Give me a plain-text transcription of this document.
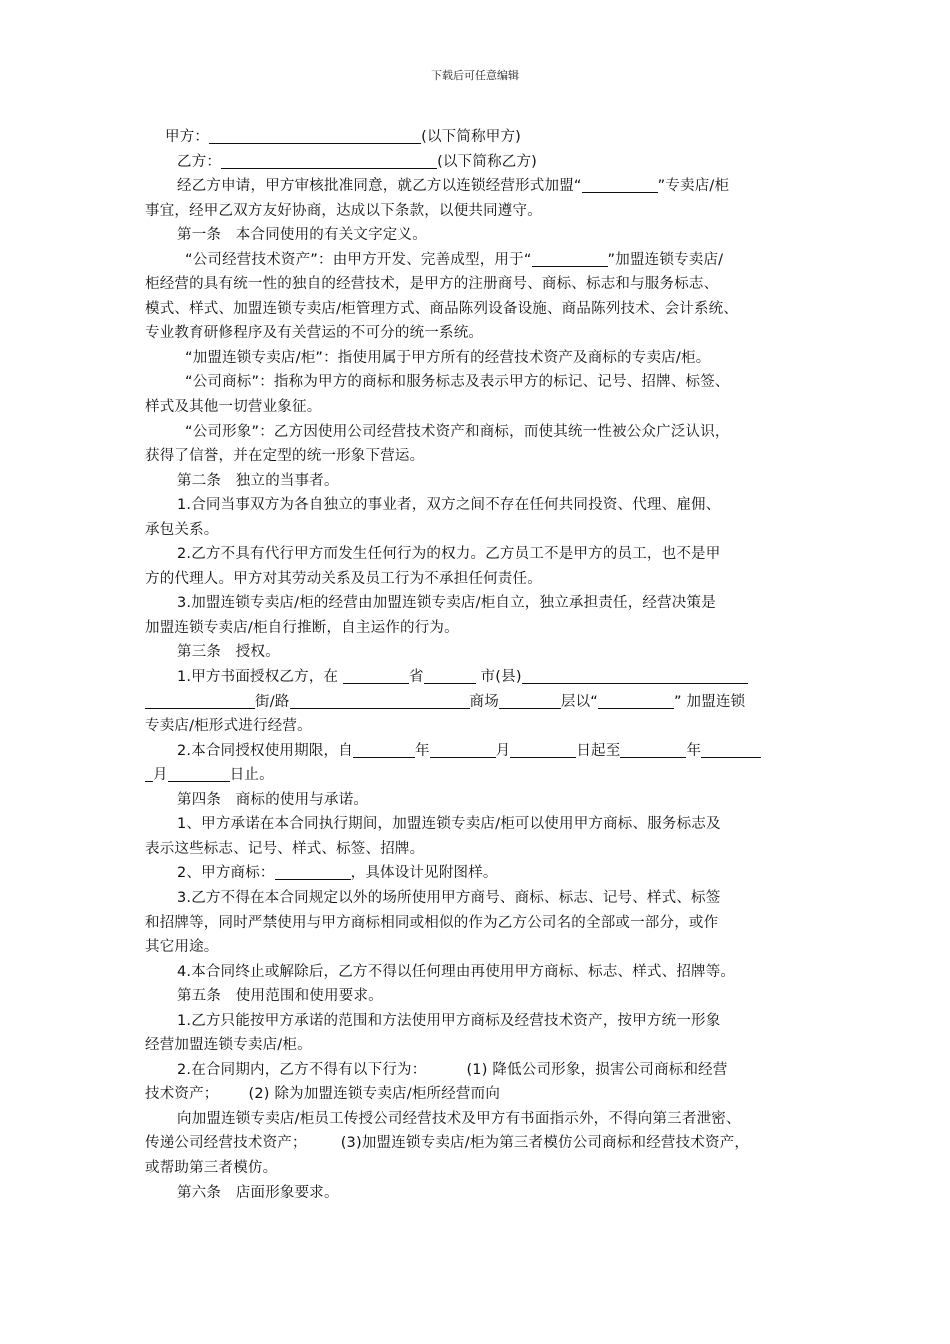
下载后可任意编辑
甲方：	(以下简称甲方)
乙方：	(以下简称乙方)
经乙方申请，甲方审核批准同意，就乙方以连锁经营形式加盟“	”专卖店/柜
事宜，经甲乙双方友好协商，达成以下条款，以便共同遵守。
第一条　本合同使用的有关文字定义。
“公司经营技术资产”：由甲方开发、完善成型，用于“	”加盟连锁专卖店/
柜经营的具有统一性的独自的经营技术，是甲方的注册商号、商标、标志和与服务标志、
模式、样式、加盟连锁专卖店/柜管理方式、商品陈列设备设施、商品陈列技术、会计系统、
专业教育研修程序及有关营运的不可分的统一系统。
“加盟连锁专卖店/柜”：指使用属于甲方所有的经营技术资产及商标的专卖店/柜。
“公司商标”：指称为甲方的商标和服务标志及表示甲方的标记、记号、招牌、标签、
样式及其他一切营业象征。
“公司形象”：乙方因使用公司经营技术资产和商标，而使其统一性被公众广泛认识，
获得了信誉，并在定型的统一形象下营运。
第二条　独立的当事者。
1.合同当事双方为各自独立的事业者，双方之间不存在任何共同投资、代理、雇佣、
承包关系。
2.乙方不具有代行甲方而发生任何行为的权力。乙方员工不是甲方的员工，也不是甲
方的代理人。甲方对其劳动关系及员工行为不承担任何责任。
3.加盟连锁专卖店/柜的经营由加盟连锁专卖店/柜自立，独立承担责任，经营决策是
加盟连锁专卖店/柜自行推断，自主运作的行为。
第三条　授权。
1.甲方书面授权乙方，在	省	市(县)
街/路	商场	层以“	” 加盟连锁
专卖店/柜形式进行经营。
2.本合同授权使用期限，自	年	月	日起至	年
月	日止。
第四条　商标的使用与承诺。
1、甲方承诺在本合同执行期间，加盟连锁专卖店/柜可以使用甲方商标、服务标志及
表示这些标志、记号、样式、标签、招牌。
2、甲方商标：	，具体设计见附图样。
3.乙方不得在本合同规定以外的场所使用甲方商号、商标、标志、记号、样式、标签
和招牌等，同时严禁使用与甲方商标相同或相似的作为乙方公司名的全部或一部分，或作
其它用途。
4.本合同终止或解除后，乙方不得以任何理由再使用甲方商标、标志、样式、招牌等。
第五条　使用范围和使用要求。
1.乙方只能按甲方承诺的范围和方法使用甲方商标及经营技术资产，按甲方统一形象
经营加盟连锁专卖店/柜。
2.在合同期内，乙方不得有以下行为：	(1) 降低公司形象，损害公司商标和经营
技术资产； (2) 除为加盟连锁专卖店/柜所经营而向
向加盟连锁专卖店/柜员工传授公司经营技术及甲方有书面指示外，不得向第三者泄密、
传递公司经营技术资产； (3)加盟连锁专卖店/柜为第三者模仿公司商标和经营技术资产，
或帮助第三者模仿。
第六条　店面形象要求。
